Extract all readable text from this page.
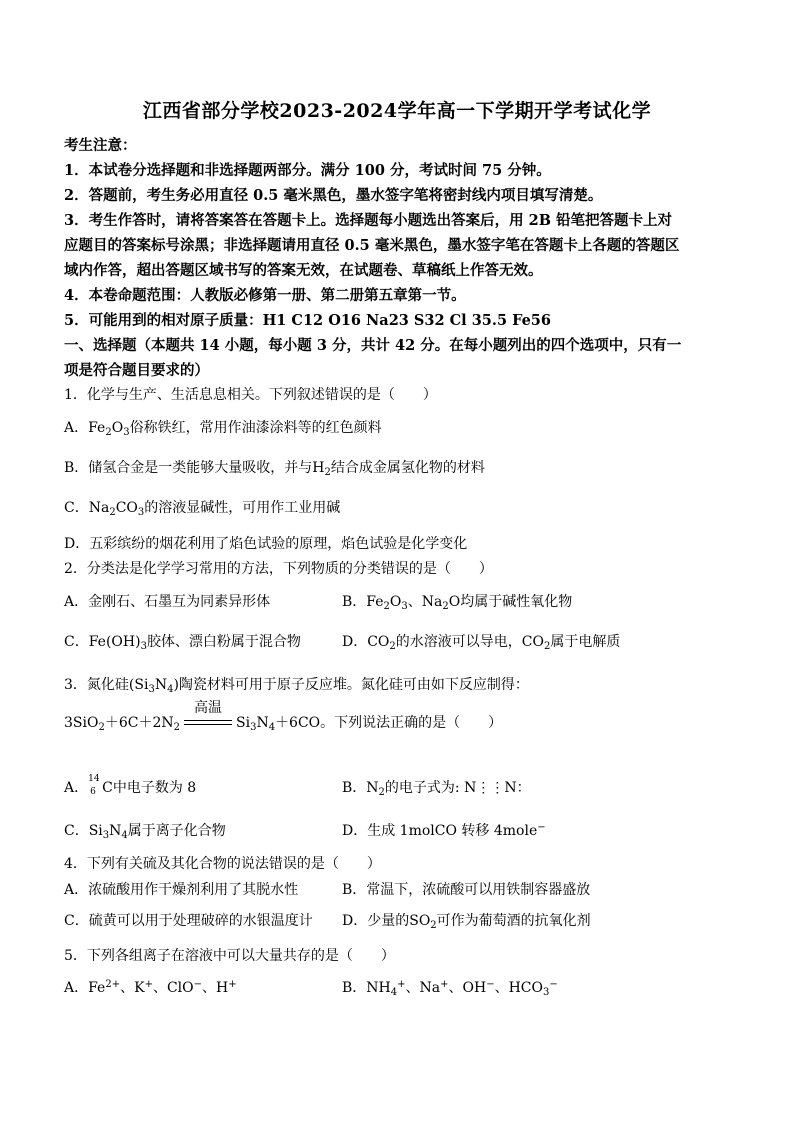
江西省部分学校2023-2024学年高一下学期开学考试化学
考生注意：
1．本试卷分选择题和非选择题两部分。满分 100 分，考试时间 75 分钟。
2．答题前，考生务必用直径 0.5 毫米黑色，墨水签字笔将密封线内项目填写清楚。
3．考生作答时，请将答案答在答题卡上。选择题每小题选出答案后，用 2B 铅笔把答题卡上对
应题目的答案标号涂黑；非选择题请用直径 0.5 毫米黑色，墨水签字笔在答题卡上各题的答题区
域内作答，超出答题区域书写的答案无效，在试题卷、草稿纸上作答无效。
4．本卷命题范围：人教版必修第一册、第二册第五章第一节。
5．可能用到的相对原子质量：H1 C12 O16 Na23 S32 Cl 35.5 Fe56
一、选择题（本题共 14 小题，每小题 3 分，共计 42 分。在每小题列出的四个选项中，只有一
项是符合题目要求的）
1．化学与生产、生活息息相关。下列叙述错误的是（　　）
A．$Fe_2O_3$俗称铁红，常用作油漆涂料等的红色颜料
B．储氢合金是一类能够大量吸收，并与$H_2$结合成金属氢化物的材料
C．$Na_2CO_3$的溶液显碱性，可用作工业用碱
D．五彩缤纷的烟花利用了焰色试验的原理，焰色试验是化学变化
2．分类法是化学学习常用的方法，下列物质的分类错误的是（　　）
A．金刚石、石墨互为同素异形体	B．$Fe_2O_3$、$Na_2O$均属于碱性氧化物
C．$Fe(OH)_3$胶体、漂白粉属于混合物	D．$CO_2$的水溶液可以导电，$CO_2$属于电解质
3．氮化硅$(Si_3N_4)$陶瓷材料可用于原子反应堆。氮化硅可由如下反应制得：
$3SiO_2+6C+2N_2$
高温
$Si_3N_4+6CO$。下列说法正确的是（　　）
A．
14
6 C中电子数为 8	B．$N_2$的电子式为: N⋮⋮N：
C．$Si_3N_4$属于离子化合物	D．生成 1molCO 转移 4mole−
4．下列有关硫及其化合物的说法错误的是（　　）
A．浓硫酸用作干燥剂利用了其脱水性	B．常温下，浓硫酸可以用铁制容器盛放
C．硫黄可以用于处理破碎的水银温度计 D．少量的$SO_2$可作为葡萄酒的抗氧化剂
5．下列各组离子在溶液中可以大量共存的是（　　）
A．$Fe^{2+}$、K+、ClO−、H+	B．$NH_4^+$、Na+、OH−、$HCO_3^-$
